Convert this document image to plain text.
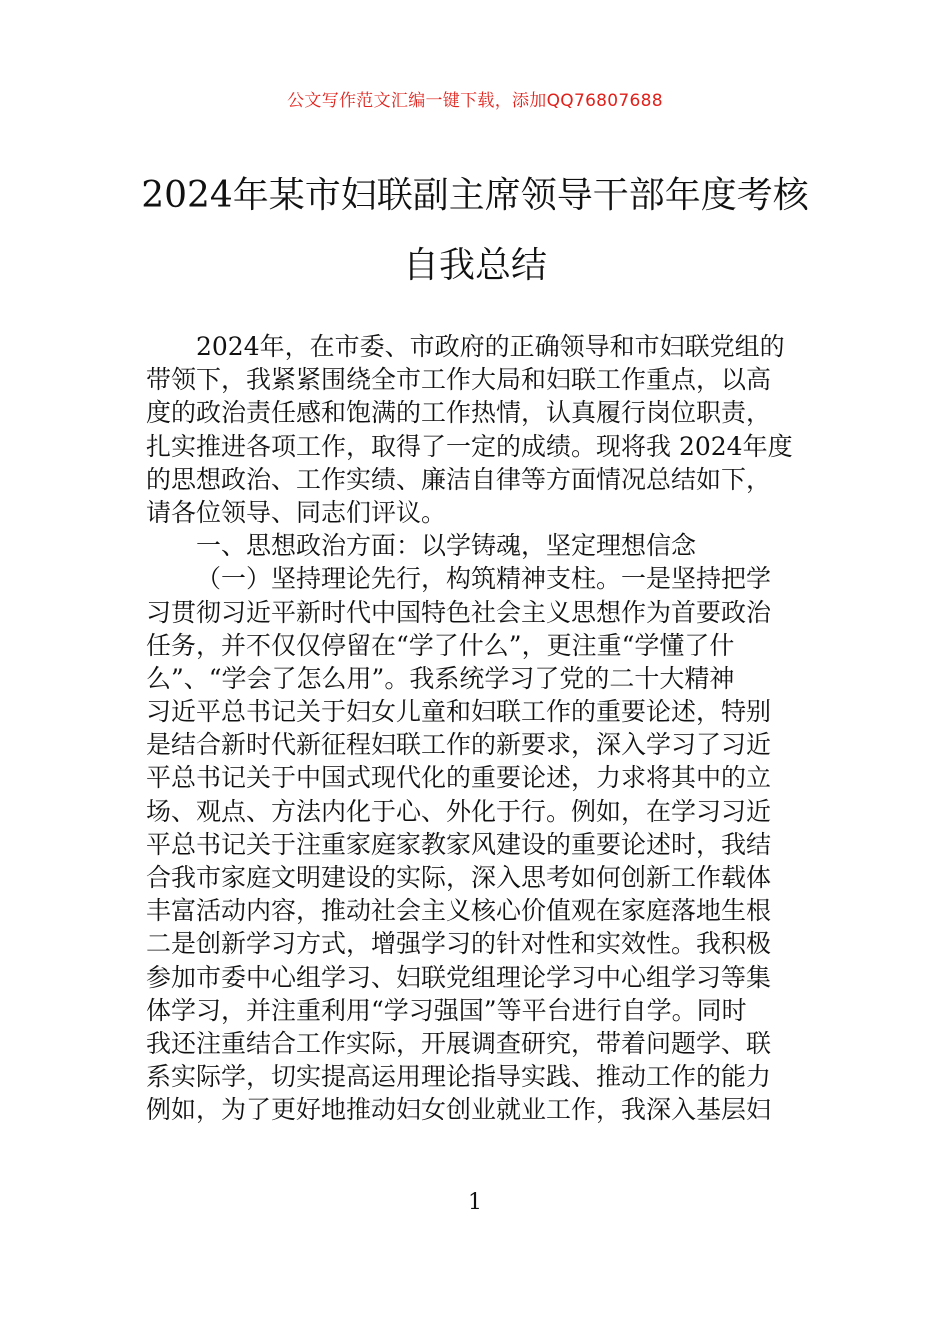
公文写作范文汇编一键下载，添加QQ76807688
2024年某市妇联副主席领导干部年度考核
自我总结
2024年，在市委、市政府的正确领导和市妇联党组的
带领下，我紧紧围绕全市工作大局和妇联工作重点，以高
度的政治责任感和饱满的工作热情，认真履行岗位职责，
扎实推进各项工作，取得了一定的成绩。现将我 2024年度
的思想政治、工作实绩、廉洁自律等方面情况总结如下，
请各位领导、同志们评议。
一、思想政治方面：以学铸魂，坚定理想信念
（一）坚持理论先行，构筑精神支柱。一是坚持把学
习贯彻习近平新时代中国特色社会主义思想作为首要政治
任务，并不仅仅停留在“学了什么”，更注重“学懂了什
么”、“学会了怎么用”。我系统学习了党的二十大精神
习近平总书记关于妇女儿童和妇联工作的重要论述，特别
是结合新时代新征程妇联工作的新要求，深入学习了习近
平总书记关于中国式现代化的重要论述，力求将其中的立
场、观点、方法内化于心、外化于行。例如，在学习习近
平总书记关于注重家庭家教家风建设的重要论述时，我结
合我市家庭文明建设的实际，深入思考如何创新工作载体
丰富活动内容，推动社会主义核心价值观在家庭落地生根
二是创新学习方式，增强学习的针对性和实效性。我积极
参加市委中心组学习、妇联党组理论学习中心组学习等集
体学习，并注重利用“学习强国”等平台进行自学。同时
我还注重结合工作实际，开展调查研究，带着问题学、联
系实际学，切实提高运用理论指导实践、推动工作的能力
例如，为了更好地推动妇女创业就业工作，我深入基层妇
1
